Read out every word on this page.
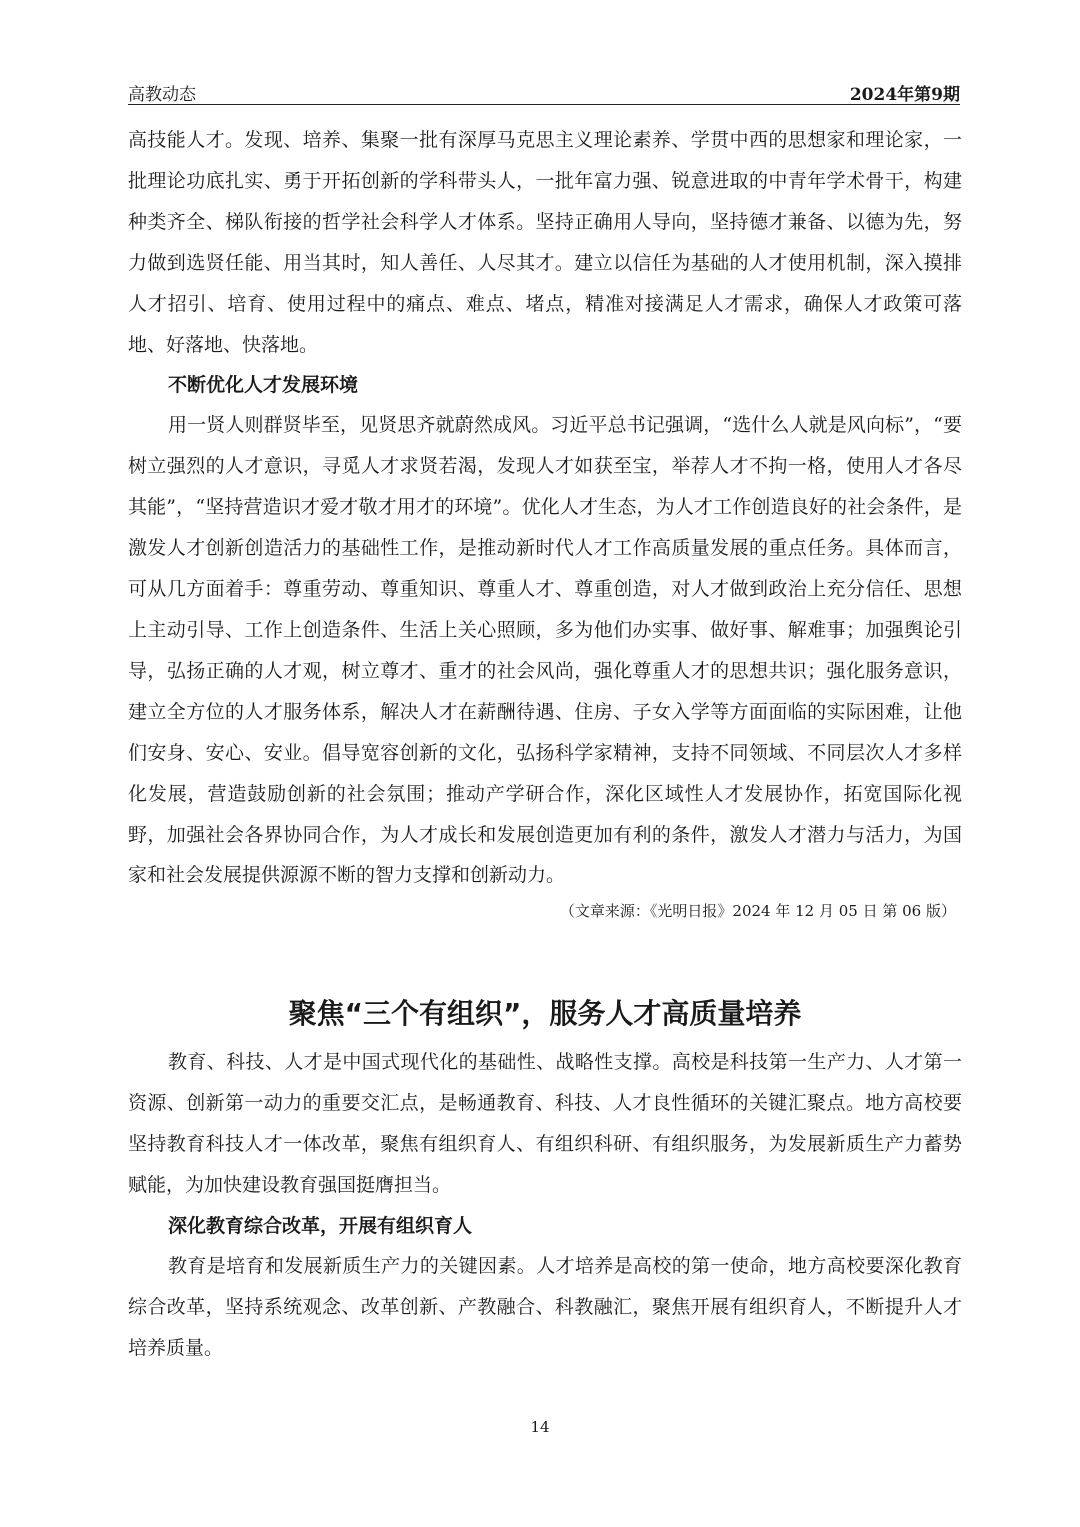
高教动态	2024年第9期

高技能人才。发现、培养、集聚一批有深厚马克思主义理论素养、学贯中西的思想家和理论家，一批理论功底扎实、勇于开拓创新的学科带头人，一批年富力强、锐意进取的中青年学术骨干，构建种类齐全、梯队衔接的哲学社会科学人才体系。坚持正确用人导向，坚持德才兼备、以德为先，努力做到选贤任能、用当其时，知人善任、人尽其才。建立以信任为基础的人才使用机制，深入摸排人才招引、培育、使用过程中的痛点、难点、堵点，精准对接满足人才需求，确保人才政策可落地、好落地、快落地。

不断优化人才发展环境

用一贤人则群贤毕至，见贤思齐就蔚然成风。习近平总书记强调，“选什么人就是风向标”，“要树立强烈的人才意识，寻觅人才求贤若渴，发现人才如获至宝，举荐人才不拘一格，使用人才各尽其能”，“坚持营造识才爱才敬才用才的环境”。优化人才生态，为人才工作创造良好的社会条件，是激发人才创新创造活力的基础性工作，是推动新时代人才工作高质量发展的重点任务。具体而言，可从几方面着手：尊重劳动、尊重知识、尊重人才、尊重创造，对人才做到政治上充分信任、思想上主动引导、工作上创造条件、生活上关心照顾，多为他们办实事、做好事、解难事；加强舆论引导，弘扬正确的人才观，树立尊才、重才的社会风尚，强化尊重人才的思想共识；强化服务意识，建立全方位的人才服务体系，解决人才在薪酬待遇、住房、子女入学等方面面临的实际困难，让他们安身、安心、安业。倡导宽容创新的文化，弘扬科学家精神，支持不同领域、不同层次人才多样化发展，营造鼓励创新的社会氛围；推动产学研合作，深化区域性人才发展协作，拓宽国际化视野，加强社会各界协同合作，为人才成长和发展创造更加有利的条件，激发人才潜力与活力，为国家和社会发展提供源源不断的智力支撑和创新动力。

（文章来源：《光明日报》2024 年 12 月 05 日 第 06 版）

聚焦“三个有组织”，服务人才高质量培养

教育、科技、人才是中国式现代化的基础性、战略性支撑。高校是科技第一生产力、人才第一资源、创新第一动力的重要交汇点，是畅通教育、科技、人才良性循环的关键汇聚点。地方高校要坚持教育科技人才一体改革，聚焦有组织育人、有组织科研、有组织服务，为发展新质生产力蓄势赋能，为加快建设教育强国挺膺担当。

深化教育综合改革，开展有组织育人

教育是培育和发展新质生产力的关键因素。人才培养是高校的第一使命，地方高校要深化教育综合改革，坚持系统观念、改革创新、产教融合、科教融汇，聚焦开展有组织育人，不断提升人才培养质量。

14
